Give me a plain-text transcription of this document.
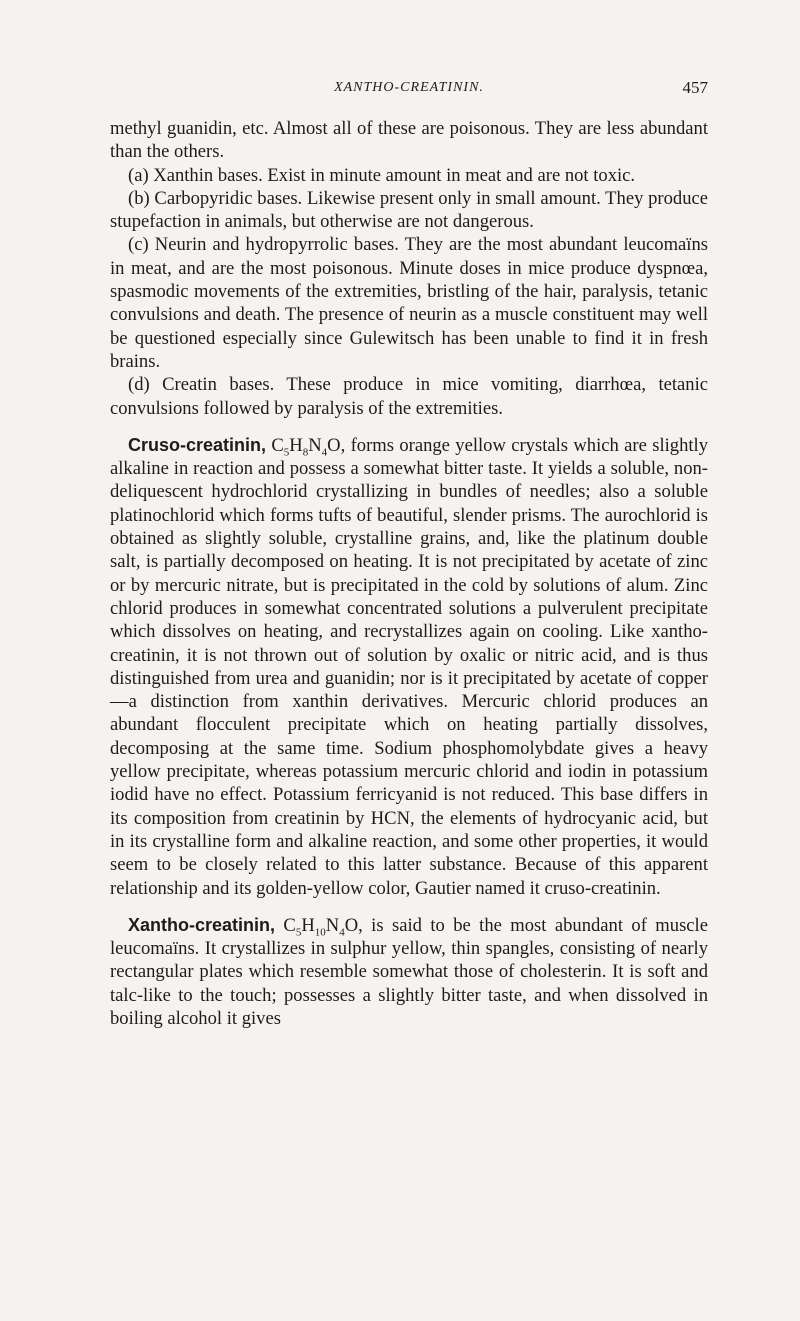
XANTHO-CREATININ.	457

methyl guanidin, etc. Almost all of these are poisonous. They are less abundant than the others.

(a) Xanthin bases. Exist in minute amount in meat and are not toxic.

(b) Carbopyridic bases. Likewise present only in small amount. They produce stupefaction in animals, but otherwise are not dangerous.

(c) Neurin and hydropyrrolic bases. They are the most abundant leucomaïns in meat, and are the most poisonous. Minute doses in mice produce dyspnœa, spasmodic movements of the extremities, bristling of the hair, paralysis, tetanic convulsions and death. The presence of neurin as a muscle constituent may well be questioned especially since Gulewitsch has been unable to find it in fresh brains.

(d) Creatin bases. These produce in mice vomiting, diarrhœa, tetanic convulsions followed by paralysis of the extremities.

Cruso-creatinin, $C_5H_8N_4O$, forms orange yellow crystals which are slightly alkaline in reaction and possess a somewhat bitter taste. It yields a soluble, non-deliquescent hydrochlorid crystallizing in bundles of needles; also a soluble platinochlorid which forms tufts of beautiful, slender prisms. The aurochlorid is obtained as slightly soluble, crystalline grains, and, like the platinum double salt, is partially decomposed on heating. It is not precipitated by acetate of zinc or by mercuric nitrate, but is precipitated in the cold by solutions of alum. Zinc chlorid produces in somewhat concentrated solutions a pulverulent precipitate which dissolves on heating, and recrystallizes again on cooling. Like xantho-creatinin, it is not thrown out of solution by oxalic or nitric acid, and is thus distinguished from urea and guanidin; nor is it precipitated by acetate of copper—a distinction from xanthin derivatives. Mercuric chlorid produces an abundant flocculent precipitate which on heating partially dissolves, decomposing at the same time. Sodium phosphomolybdate gives a heavy yellow precipitate, whereas potassium mercuric chlorid and iodin in potassium iodid have no effect. Potassium ferricyanid is not reduced. This base differs in its composition from creatinin by HCN, the elements of hydrocyanic acid, but in its crystalline form and alkaline reaction, and some other properties, it would seem to be closely related to this latter substance. Because of this apparent relationship and its golden-yellow color, Gautier named it cruso-creatinin.

Xantho-creatinin, $C_5H_{10}N_4O$, is said to be the most abundant of muscle leucomaïns. It crystallizes in sulphur yellow, thin spangles, consisting of nearly rectangular plates which resemble somewhat those of cholesterin. It is soft and talc-like to the touch; possesses a slightly bitter taste, and when dissolved in boiling alcohol it gives
